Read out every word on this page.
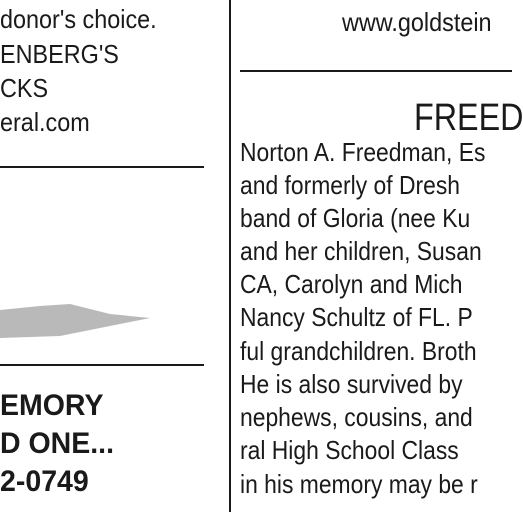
donor's choice.
ENBERG'S
CKS
eral.com
EMORY
D ONE...
2-0749
www.goldstein
FREED
Norton A. Freedman, Es
and formerly of Dresh
band of Gloria (nee Ku
and her children, Susan
CA, Carolyn and Mich
Nancy Schultz of FL. P
ful grandchildren. Broth
He is also survived by
nephews, cousins, and
ral High School Class
in his memory may be r
